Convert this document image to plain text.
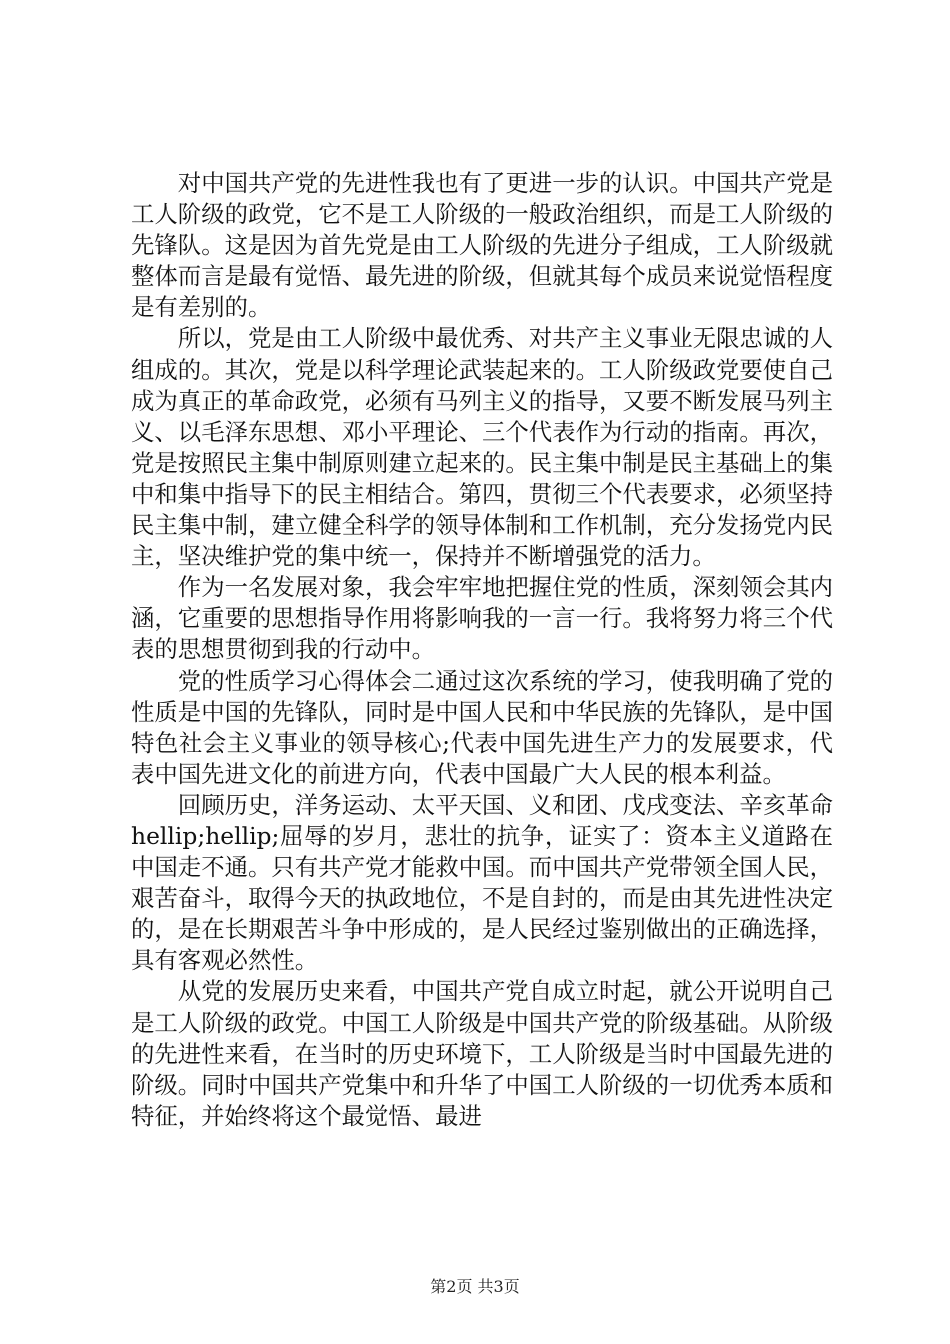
对中国共产党的先进性我也有了更进一步的认识。中国共产党是工人阶级的政党，它不是工人阶级的一般政治组织，而是工人阶级的先锋队。这是因为首先党是由工人阶级的先进分子组成，工人阶级就整体而言是最有觉悟、最先进的阶级，但就其每个成员来说觉悟程度是有差别的。

所以，党是由工人阶级中最优秀、对共产主义事业无限忠诚的人组成的。其次，党是以科学理论武装起来的。工人阶级政党要使自己成为真正的革命政党，必须有马列主义的指导，又要不断发展马列主义、以毛泽东思想、邓小平理论、三个代表作为行动的指南。再次，党是按照民主集中制原则建立起来的。民主集中制是民主基础上的集中和集中指导下的民主相结合。第四，贯彻三个代表要求，必须坚持民主集中制，建立健全科学的领导体制和工作机制，充分发扬党内民主，坚决维护党的集中统一，保持并不断增强党的活力。

作为一名发展对象，我会牢牢地把握住党的性质，深刻领会其内涵，它重要的思想指导作用将影响我的一言一行。我将努力将三个代表的思想贯彻到我的行动中。

党的性质学习心得体会二通过这次系统的学习，使我明确了党的性质是中国的先锋队，同时是中国人民和中华民族的先锋队，是中国特色社会主义事业的领导核心;代表中国先进生产力的发展要求，代表中国先进文化的前进方向，代表中国最广大人民的根本利益。

回顾历史，洋务运动、太平天国、义和团、戊戌变法、辛亥革命hellip;hellip;屈辱的岁月，悲壮的抗争，证实了：资本主义道路在中国走不通。只有共产党才能救中国。而中国共产党带领全国人民，艰苦奋斗，取得今天的执政地位，不是自封的，而是由其先进性决定的，是在长期艰苦斗争中形成的，是人民经过鉴别做出的正确选择，具有客观必然性。

从党的发展历史来看，中国共产党自成立时起，就公开说明自己是工人阶级的政党。中国工人阶级是中国共产党的阶级基础。从阶级的先进性来看，在当时的历史环境下，工人阶级是当时中国最先进的阶级。同时中国共产党集中和升华了中国工人阶级的一切优秀本质和特征，并始终将这个最觉悟、最进

第2页 共3页
